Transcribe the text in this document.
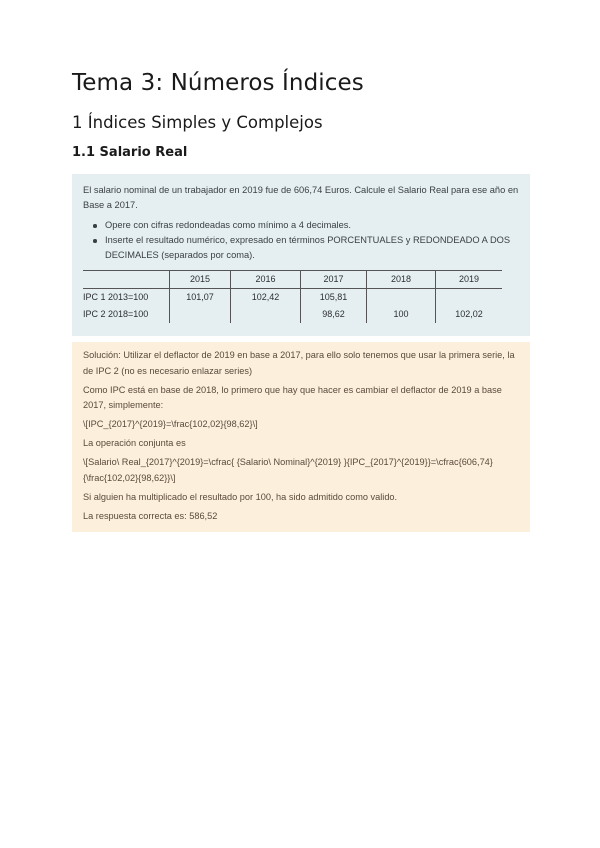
Tema 3: Números Índices
1 Índices Simples y Complejos
1.1 Salario Real

El salario nominal de un trabajador en 2019 fue de 606,74 Euros. Calcule el Salario Real para ese año en Base a 2017.

Opere con cifras redondeadas como mínimo a 4 decimales.
Inserte el resultado numérico, expresado en términos PORCENTUALES y REDONDEADO A DOS DECIMALES (separados por coma).
	2015	2016	2017	2018	2019
IPC 1 2013=100	101,07	102,42	105,81		
IPC 2 2018=100			98,62	100	102,02

Solución: Utilizar el deflactor de 2019 en base a 2017, para ello solo tenemos que usar la primera serie, la de IPC 2 (no es necesario enlazar series)

Como IPC está en base de 2018, lo primero que hay que hacer es cambiar el deflactor de 2019 a base 2017, simplemente:

\[IPC_{2017}^{2019}=\frac{102,02}{98,62}\]

La operación conjunta es

\[Salario\ Real_{2017}^{2019}=\cfrac{ {Salario\ Nominal}^{2019} }{IPC_{2017}^{2019}}=\cfrac{606,74}{\frac{102,02}{98,62}}\]

Si alguien ha multiplicado el resultado por 100, ha sido admitido como valido.

La respuesta correcta es: 586,52
